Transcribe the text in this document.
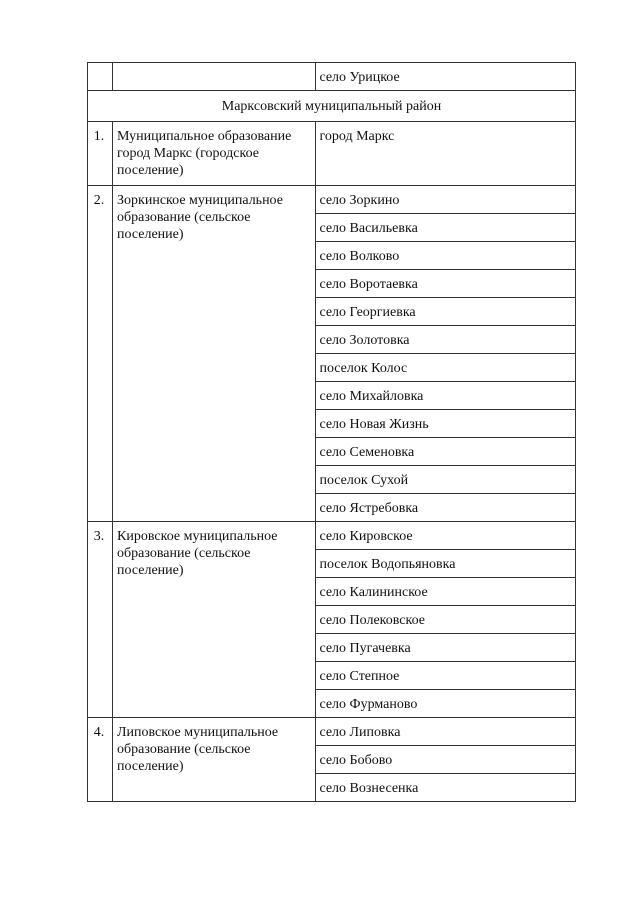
		село Урицкое
Марксовский муниципальный район		
1.	Муниципальное образование город Маркс (городское поселение)	город Маркс
2.	Зоркинское муниципальное образование (сельское поселение)	село Зоркино
		село Васильевка
		село Волково
		село Воротаевка
		село Георгиевка
		село Золотовка
		поселок Колос
		село Михайловка
		село Новая Жизнь
		село Семеновка
		поселок Сухой
		село Ястребовка
3.	Кировское муниципальное образование (сельское поселение)	село Кировское
		поселок Водопьяновка
		село Калининское
		село Полековское
		село Пугачевка
		село Степное
		село Фурманово
4.	Липовское муниципальное образование (сельское поселение)	село Липовка
		село Бобово
		село Вознесенка
